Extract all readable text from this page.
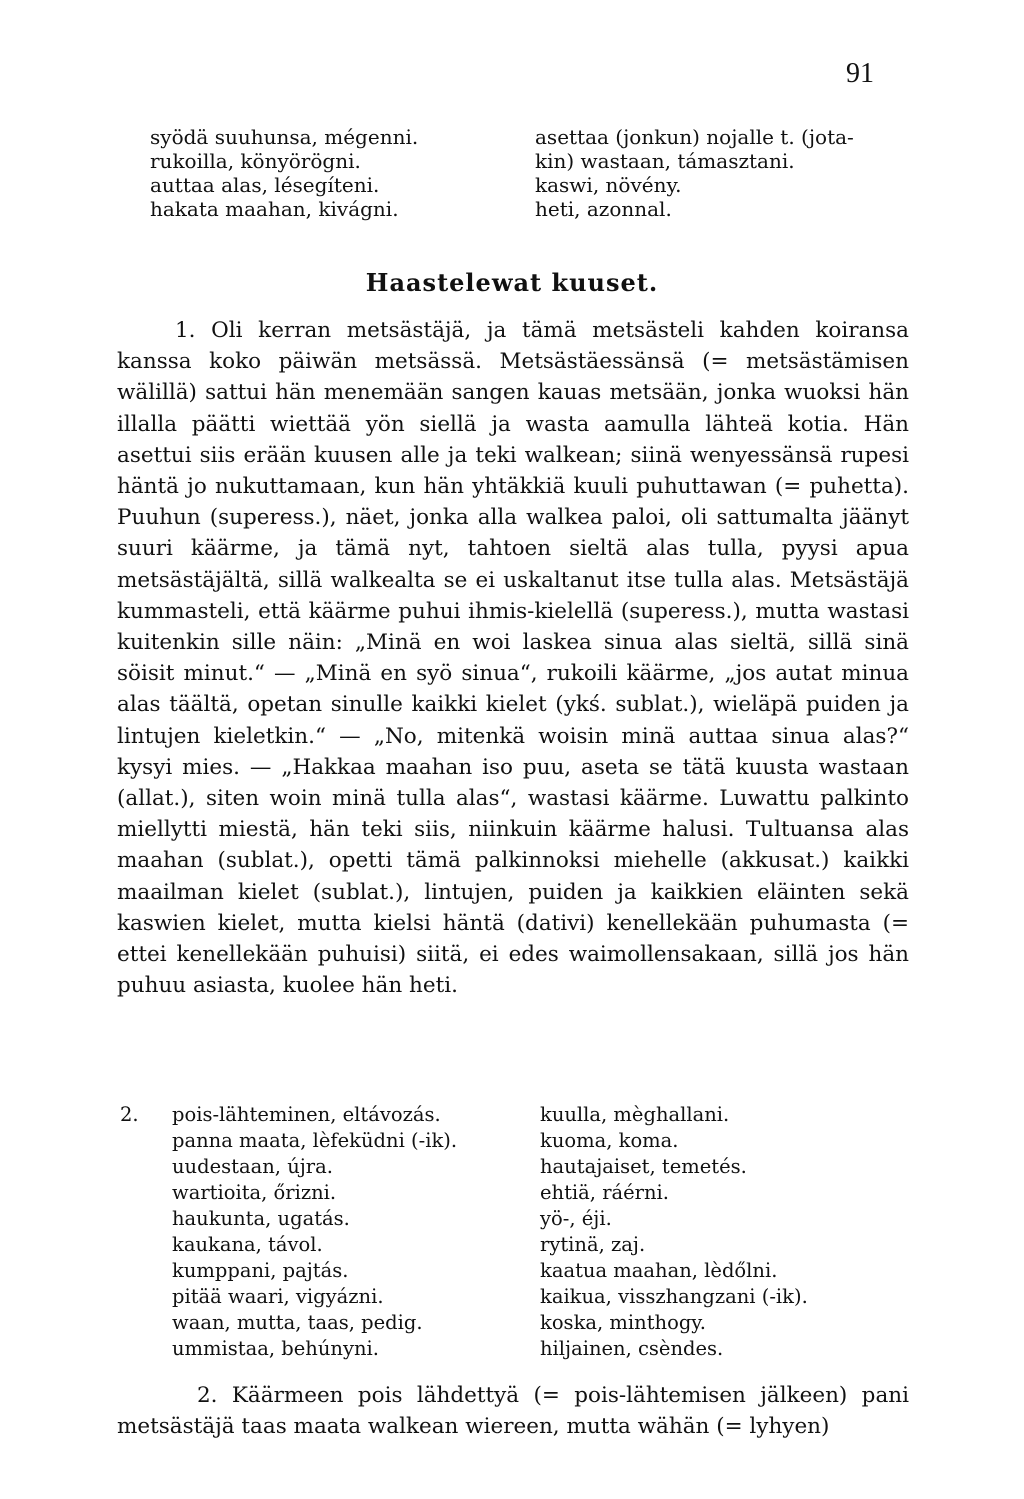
91
syödä suuhunsa, mégenni.
rukoilla, könyörögni.
auttaa alas, lésegíteni.
hakata maahan, kivágni.
asettaa (jonkun) nojalle t. (jota-
kin) wastaan, támasztani.
kaswi, növény.
heti, azonnal.
Haastelewat kuuset.

1. Oli kerran metsästäjä, ja tämä metsästeli kahden koiransa kanssa koko päiwän metsässä. Metsästäessänsä (= metsästämisen wälillä) sattui hän menemään sangen kauas metsään, jonka wuoksi hän illalla päätti wiettää yön siellä ja wasta aamulla lähteä kotia. Hän asettui siis erään kuusen alle ja teki walkean; siinä wenyessänsä rupesi häntä jo nukuttamaan, kun hän yhtäkkiä kuuli puhuttawan (= puhetta). Puuhun (superess.), näet, jonka alla walkea paloi, oli sattumalta jäänyt suuri käärme, ja tämä nyt, tahtoen sieltä alas tulla, pyysi apua metsästäjältä, sillä walkealta se ei uskaltanut itse tulla alas. Metsästäjä kummasteli, että käärme puhui ihmis-kielellä (superess.), mutta wastasi kuitenkin sille näin: „Minä en woi laskea sinua alas sieltä, sillä sinä söisit minut.“ — „Minä en syö sinua“, rukoili käärme, „jos autat minua alas täältä, opetan sinulle kaikki kielet (ykś. sublat.), wieläpä puiden ja lintujen kieletkin.“ — „No, mitenkä woisin minä auttaa sinua alas?“ kysyi mies. — „Hakkaa maahan iso puu, aseta se tätä kuusta wastaan (allat.), siten woin minä tulla alas“, wastasi käärme. Luwattu palkinto miellytti miestä, hän teki siis, niinkuin käärme halusi. Tultuansa alas maahan (sublat.), opetti tämä palkinnoksi miehelle (akkusat.) kaikki maailman kielet (sublat.), lintujen, puiden ja kaikkien eläinten sekä kaswien kielet, mutta kielsi häntä (dativi) kenellekään puhumasta (= ettei kenellekään puhuisi) siitä, ei edes waimollensakaan, sillä jos hän puhuu asiasta, kuolee hän heti.

2. pois-lähteminen, eltávozás.
panna maata, lèfeküdni (-ik).
uudestaan, újra.
wartioita, őrizni.
haukunta, ugatás.
kaukana, távol.
kumppani, pajtás.
pitää waari, vigyázni.
waan, mutta, taas, pedig.
ummistaa, behúnyni.
kuulla, mèghallani.
kuoma, koma.
hautajaiset, temetés.
ehtiä, ráérni.
yö-, éji.
rytinä, zaj.
kaatua maahan, lèdőlni.
kaikua, visszhangzani (-ik).
koska, minthogy.
hiljainen, csèndes.

2. Käärmeen pois lähdettyä (= pois-lähtemisen jälkeen) pani metsästäjä taas maata walkean wiereen, mutta wähän (= lyhyen)
